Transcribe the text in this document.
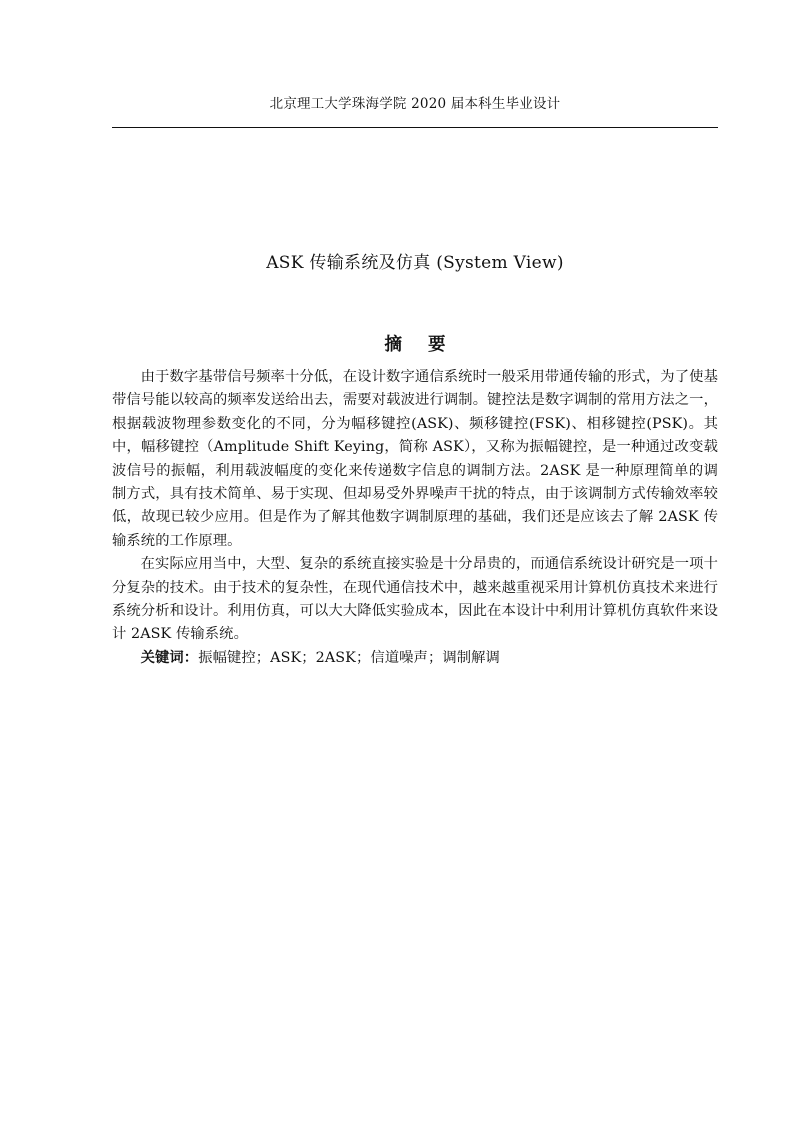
北京理工大学珠海学院 2020 届本科生毕业设计
ASK 传输系统及仿真 (System View)
摘 要

由于数字基带信号频率十分低，在设计数字通信系统时一般采用带通传输的形式，为了使基带信号能以较高的频率发送给出去，需要对载波进行调制。键控法是数字调制的常用方法之一，根据载波物理参数变化的不同，分为幅移键控(ASK)、频移键控(FSK)、相移键控(PSK)。其中，幅移键控（Amplitude Shift Keying，简称 ASK），又称为振幅键控，是一种通过改变载波信号的振幅，利用载波幅度的变化来传递数字信息的调制方法。2ASK 是一种原理简单的调制方式，具有技术简单、易于实现、但却易受外界噪声干扰的特点，由于该调制方式传输效率较低，故现已较少应用。但是作为了解其他数字调制原理的基础，我们还是应该去了解 2ASK 传输系统的工作原理。

在实际应用当中，大型、复杂的系统直接实验是十分昂贵的，而通信系统设计研究是一项十分复杂的技术。由于技术的复杂性，在现代通信技术中，越来越重视采用计算机仿真技术来进行系统分析和设计。利用仿真，可以大大降低实验成本，因此在本设计中利用计算机仿真软件来设计 2ASK 传输系统。

关键词：振幅键控；ASK；2ASK；信道噪声；调制解调
